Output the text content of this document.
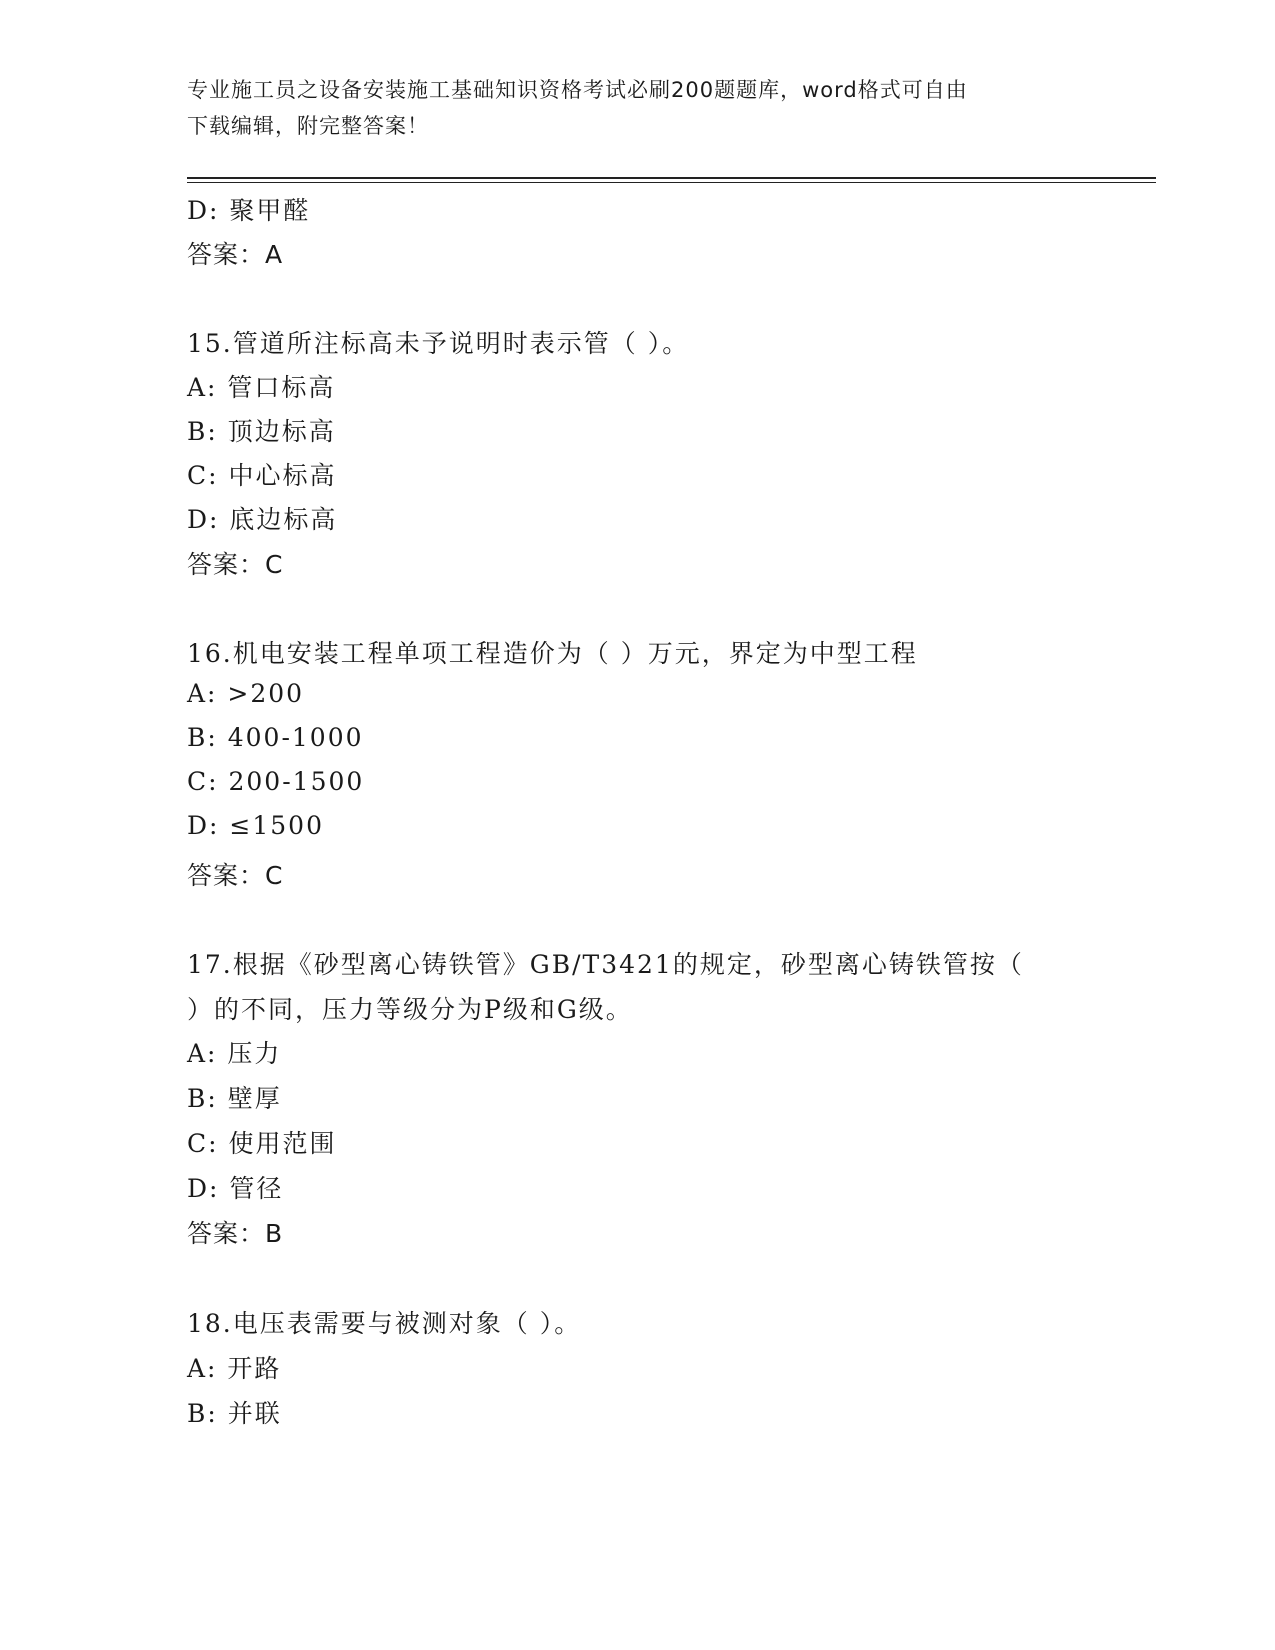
专业施工员之设备安装施工基础知识资格考试必刷200题题库，word格式可自由
下载编辑，附完整答案！
D: 聚甲醛
答案：A
15.管道所注标高未予说明时表示管（ ）。
A: 管口标高
B: 顶边标高
C: 中心标高
D: 底边标高
答案：C
16.机电安装工程单项工程造价为（ ）万元，界定为中型工程
A: >200
B: 400-1000
C: 200-1500
D: ≤1500
答案：C
17.根据《砂型离心铸铁管》GB/T3421的规定，砂型离心铸铁管按（
）的不同，压力等级分为P级和G级。
A: 压力
B: 壁厚
C: 使用范围
D: 管径
答案：B
18.电压表需要与被测对象（ ）。
A: 开路
B: 并联
